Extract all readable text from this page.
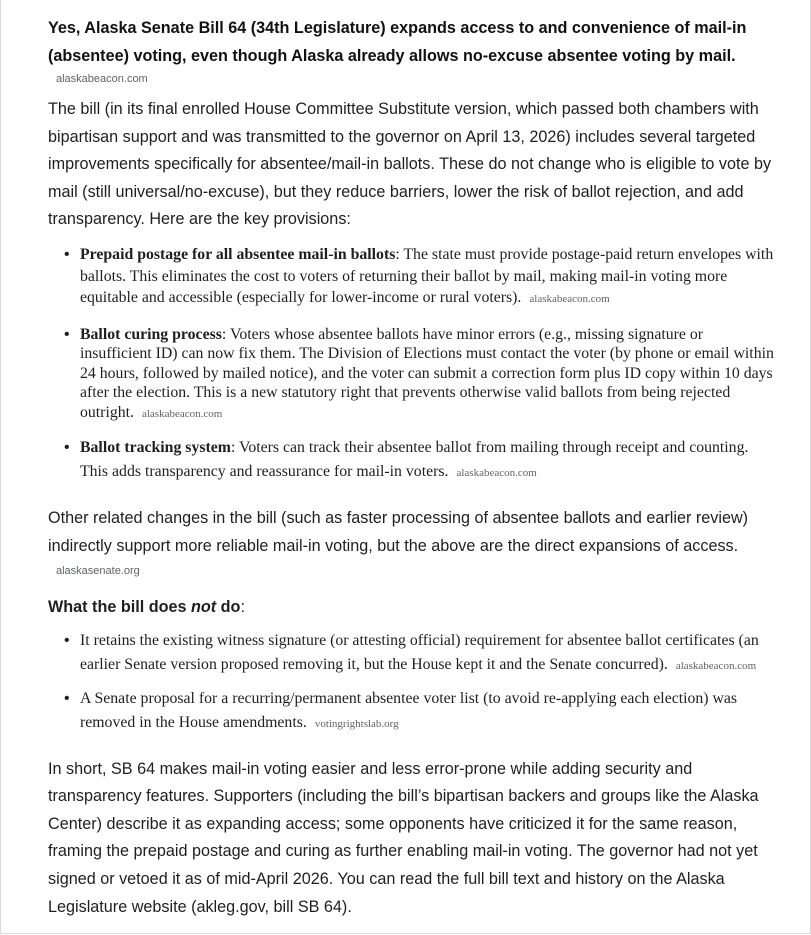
Yes, Alaska Senate Bill 64 (34th Legislature) expands access to and convenience of mail-in (absentee) voting, even though Alaska already allows no-excuse absentee voting by mail.
alaskabeacon.com

The bill (in its final enrolled House Committee Substitute version, which passed both chambers with bipartisan support and was transmitted to the governor on April 13, 2026) includes several targeted improvements specifically for absentee/mail-in ballots. These do not change who is eligible to vote by mail (still universal/no-excuse), but they reduce barriers, lower the risk of ballot rejection, and add transparency. Here are the key provisions:

• Prepaid postage for all absentee mail-in ballots: The state must provide postage-paid return envelopes with ballots. This eliminates the cost to voters of returning their ballot by mail, making mail-in voting more equitable and accessible (especially for lower-income or rural voters). alaskabeacon.com
• Ballot curing process: Voters whose absentee ballots have minor errors (e.g., missing signature or insufficient ID) can now fix them. The Division of Elections must contact the voter (by phone or email within 24 hours, followed by mailed notice), and the voter can submit a correction form plus ID copy within 10 days after the election. This is a new statutory right that prevents otherwise valid ballots from being rejected outright. alaskabeacon.com
• Ballot tracking system: Voters can track their absentee ballot from mailing through receipt and counting. This adds transparency and reassurance for mail-in voters. alaskabeacon.com

Other related changes in the bill (such as faster processing of absentee ballots and earlier review) indirectly support more reliable mail-in voting, but the above are the direct expansions of access.

alaskasenate.org

What the bill does not do:

• It retains the existing witness signature (or attesting official) requirement for absentee ballot certificates (an earlier Senate version proposed removing it, but the House kept it and the Senate concurred). alaskabeacon.com
• A Senate proposal for a recurring/permanent absentee voter list (to avoid re-applying each election) was removed in the House amendments. votingrightslab.org

In short, SB 64 makes mail-in voting easier and less error-prone while adding security and transparency features. Supporters (including the bill’s bipartisan backers and groups like the Alaska Center) describe it as expanding access; some opponents have criticized it for the same reason, framing the prepaid postage and curing as further enabling mail-in voting. The governor had not yet signed or vetoed it as of mid-April 2026. You can read the full bill text and history on the Alaska Legislature website (akleg.gov, bill SB 64).
